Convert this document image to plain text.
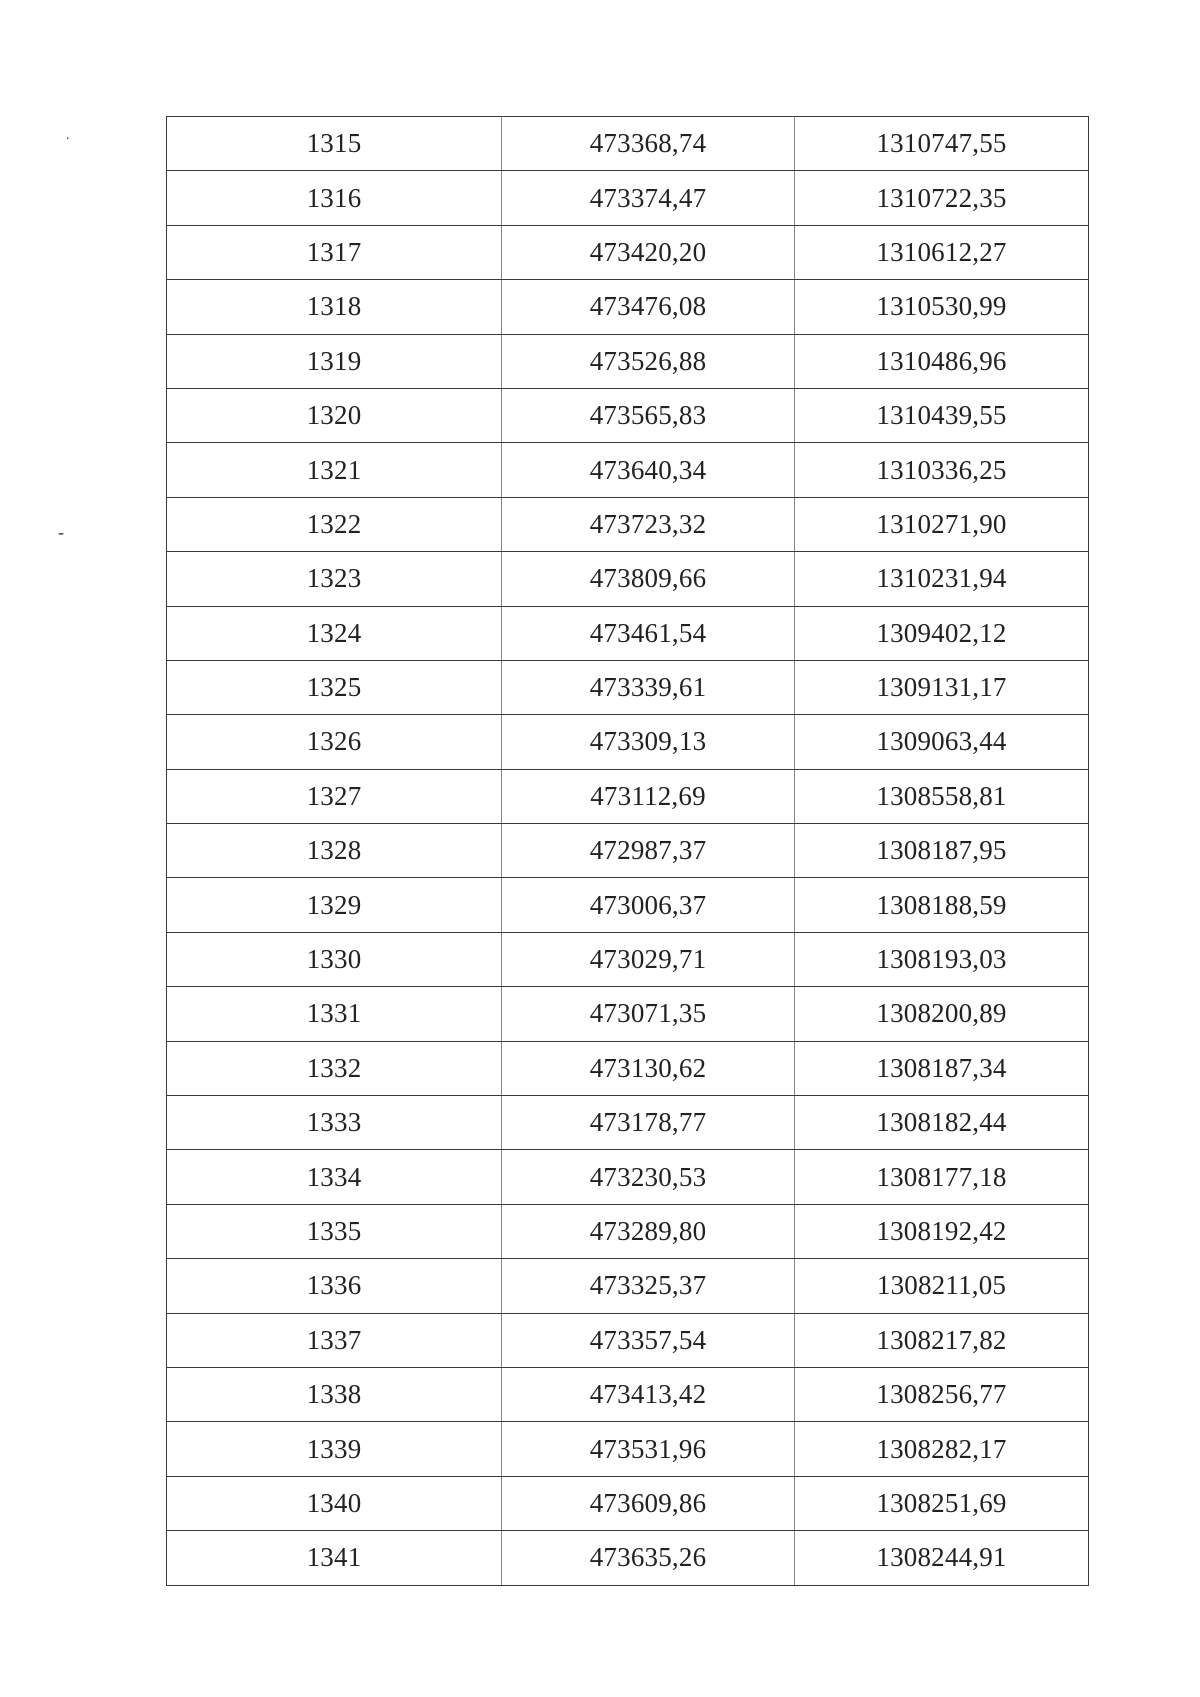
.
-
1315	473368,74	1310747,55
1316	473374,47	1310722,35
1317	473420,20	1310612,27
1318	473476,08	1310530,99
1319	473526,88	1310486,96
1320	473565,83	1310439,55
1321	473640,34	1310336,25
1322	473723,32	1310271,90
1323	473809,66	1310231,94
1324	473461,54	1309402,12
1325	473339,61	1309131,17
1326	473309,13	1309063,44
1327	473112,69	1308558,81
1328	472987,37	1308187,95
1329	473006,37	1308188,59
1330	473029,71	1308193,03
1331	473071,35	1308200,89
1332	473130,62	1308187,34
1333	473178,77	1308182,44
1334	473230,53	1308177,18
1335	473289,80	1308192,42
1336	473325,37	1308211,05
1337	473357,54	1308217,82
1338	473413,42	1308256,77
1339	473531,96	1308282,17
1340	473609,86	1308251,69
1341	473635,26	1308244,91
